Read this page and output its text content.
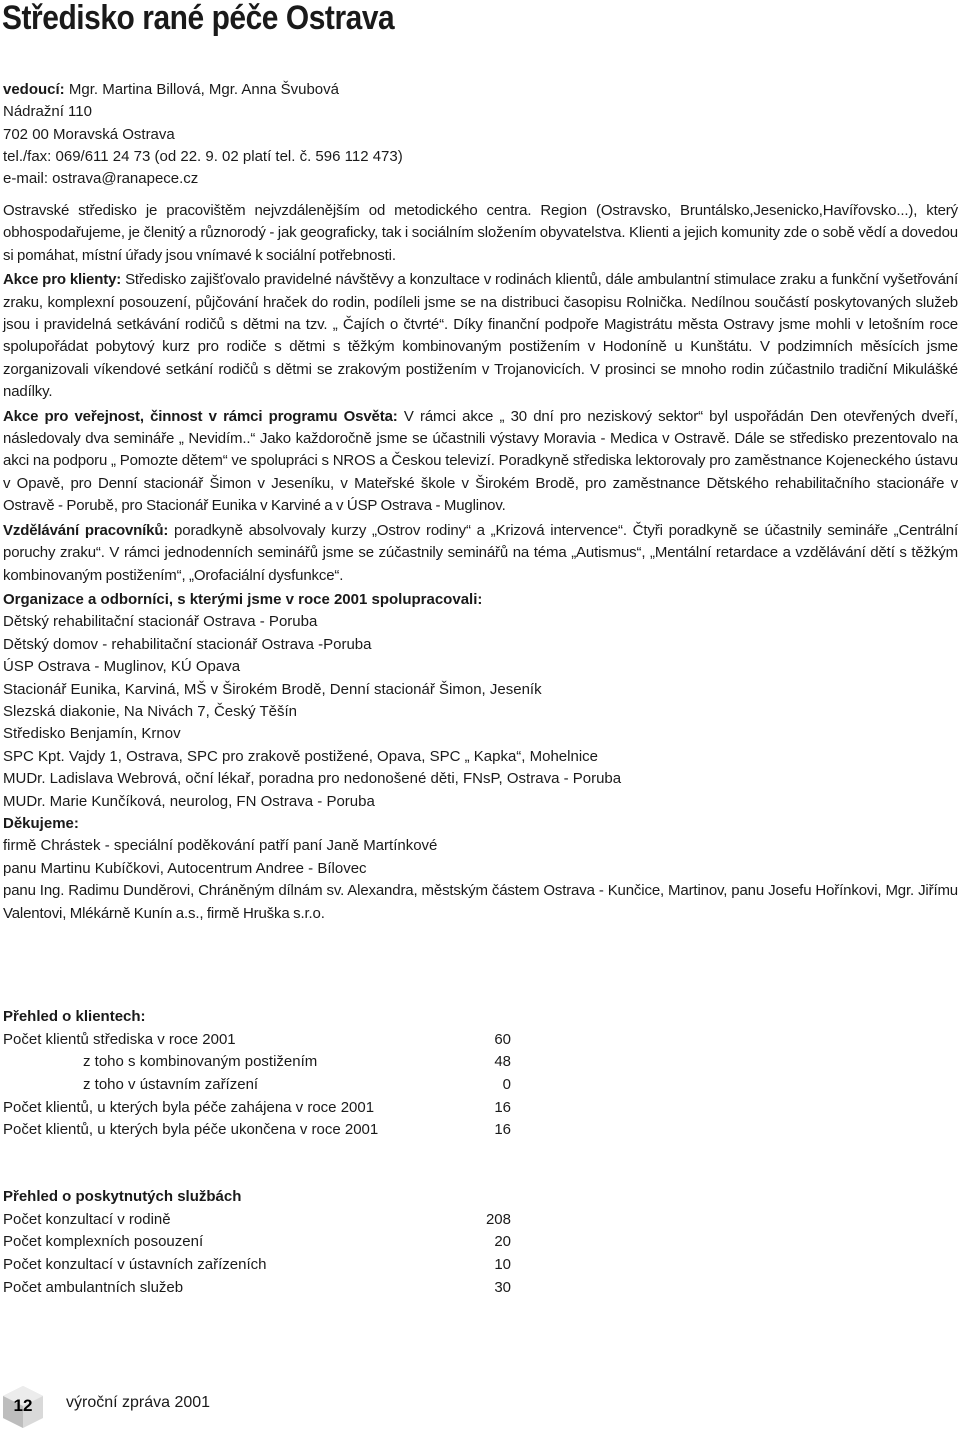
Středisko rané péče Ostrava
vedoucí: Mgr. Martina Billová, Mgr. Anna Švubová
Nádražní 110
702 00 Moravská Ostrava
tel./fax: 069/611 24 73 (od 22. 9. 02 platí tel. č. 596 112 473)
e-mail: ostrava@ranapece.cz

Ostravské středisko je pracovištěm nejvzdálenějším od metodického centra. Region (Ostravsko, Bruntálsko,Jesenicko,Havířovsko...), který obhospodařujeme, je členitý a různorodý - jak geograficky, tak i sociálním složením obyvatelstva. Klienti a jejich komunity zde o sobě vědí a dovedou si pomáhat, místní úřady jsou vnímavé k sociální potřebnosti.

Akce pro klienty: Středisko zajišťovalo pravidelné návštěvy a konzultace v rodinách klientů, dále ambulantní stimulace zraku a funkční vyšetřování zraku, komplexní posouzení, půjčování hraček do rodin, podíleli jsme se na distribuci časopisu Rolnička. Nedílnou součástí poskytovaných služeb jsou i pravidelná setkávání rodičů s dětmi na tzv. „ Čajích o čtvrté“. Díky finanční podpoře Magistrátu města Ostravy jsme mohli v letošním roce spolupořádat pobytový kurz pro rodiče s dětmi s těžkým kombinovaným postižením v Hodoníně u Kunštátu. V podzimních měsících jsme zorganizovali víkendové setkání rodičů s dětmi se zrakovým postižením v Trojanovicích. V prosinci se mnoho rodin zúčastnilo tradiční Mikulášké nadílky.

Akce pro veřejnost, činnost v rámci programu Osvěta: V rámci akce „ 30 dní pro neziskový sektor“ byl uspořádán Den otevřených dveří, následovaly dva semináře „ Nevidím..“ Jako každoročně jsme se účastnili výstavy Moravia - Medica v Ostravě. Dále se středisko prezentovalo na akci na podporu „ Pomozte dětem“ ve spolupráci s NROS a Českou televizí. Poradkyně střediska lektorovaly pro zaměstnance Kojeneckého ústavu v Opavě, pro Denní stacionář Šimon v Jeseníku, v Mateřské škole v Širokém Brodě, pro zaměstnance Dětského rehabilitačního stacionáře v Ostravě - Porubě, pro Stacionář Eunika v Karviné a v ÚSP Ostrava - Muglinov.

Vzdělávání pracovníků: poradkyně absolvovaly kurzy „Ostrov rodiny“ a „Krizová intervence“. Čtyři poradkyně se účastnily semináře „Centrální poruchy zraku“. V rámci jednodenních seminářů jsme se zúčastnily seminářů na téma „Autismus“, „Mentální retardace a vzdělávání dětí s těžkým kombinovaným postižením“, „Orofaciální dysfunkce“.

Organizace a odborníci, s kterými jsme v roce 2001 spolupracovali:
Dětský rehabilitační stacionář Ostrava - Poruba
Dětský domov - rehabilitační stacionář Ostrava -Poruba
ÚSP Ostrava - Muglinov, KÚ Opava
Stacionář Eunika, Karviná, MŠ v Širokém Brodě, Denní stacionář Šimon, Jeseník
Slezská diakonie, Na Nivách 7, Český Těšín
Středisko Benjamín, Krnov
SPC Kpt. Vajdy 1, Ostrava, SPC pro zrakově postižené, Opava, SPC „ Kapka“, Mohelnice
MUDr. Ladislava Webrová, oční lékař, poradna pro nedonošené děti, FNsP, Ostrava - Poruba
MUDr. Marie Kunčíková, neurolog, FN Ostrava - Poruba
Děkujeme:
firmě Chrástek - speciální poděkování patří paní Janě Martínkové
panu Martinu Kubíčkovi, Autocentrum Andree - Bílovec

panu Ing. Radimu Dunděrovi, Chráněným dílnám sv. Alexandra, městským částem Ostrava - Kunčice, Martinov, panu Josefu Hořínkovi, Mgr. Jiřímu Valentovi, Mlékárně Kunín a.s., firmě Hruška s.r.o.

Přehled o klientech:
Počet klientů střediska v roce 2001	60
z toho s kombinovaným postižením	48
z toho v ústavním zařízení	0
Počet klientů, u kterých byla péče zahájena v roce 2001	16
Počet klientů, u kterých byla péče ukončena v roce 2001	16
Přehled o poskytnutých službách
Počet konzultací v rodině	208
Počet komplexních posouzení	20
Počet konzultací v ústavních zařízeních	10
Počet ambulantních služeb	30
12	výroční zpráva 2001
